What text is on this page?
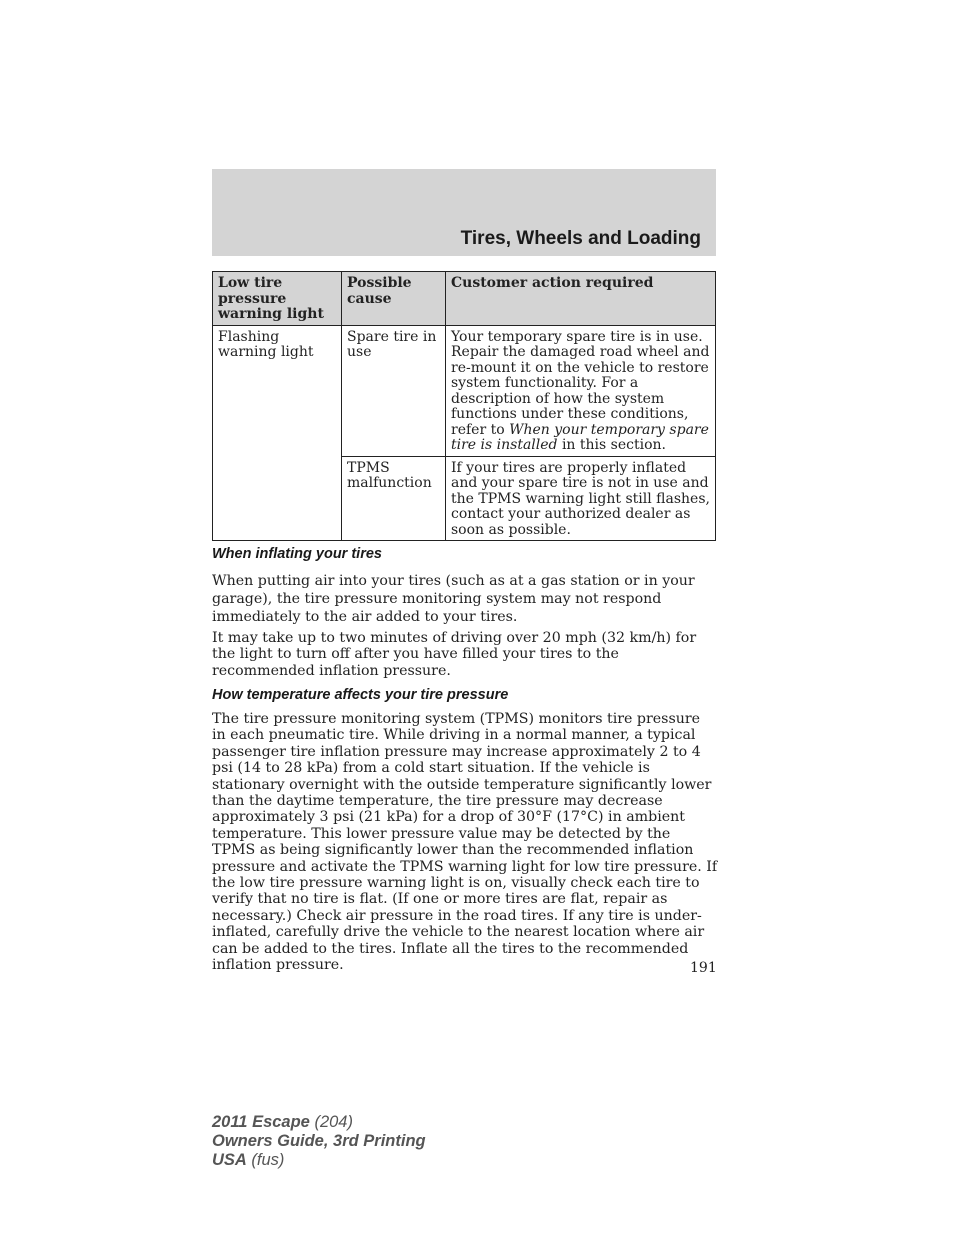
Tires, Wheels and Loading
Low tire pressure warning light	Possible cause	Customer action required
Flashing warning light	Spare tire in use	Your temporary spare tire is in use. Repair the damaged road wheel and re-mount it on the vehicle to restore system functionality. For a description of how the system functions under these conditions, refer to When your temporary spare tire is installed in this section.
	TPMS malfunction	If your tires are properly inflated and your spare tire is not in use and the TPMS warning light still flashes, contact your authorized dealer as soon as possible.
When inflating your tires

When putting air into your tires (such as at a gas station or in your garage), the tire pressure monitoring system may not respond immediately to the air added to your tires.

It may take up to two minutes of driving over 20 mph (32 km/h) for the light to turn off after you have filled your tires to the recommended inflation pressure.

How temperature affects your tire pressure

The tire pressure monitoring system (TPMS) monitors tire pressure in each pneumatic tire. While driving in a normal manner, a typical passenger tire inflation pressure may increase approximately 2 to 4 psi (14 to 28 kPa) from a cold start situation. If the vehicle is stationary overnight with the outside temperature significantly lower than the daytime temperature, the tire pressure may decrease approximately 3 psi (21 kPa) for a drop of 30°F (17°C) in ambient temperature. This lower pressure value may be detected by the TPMS as being significantly lower than the recommended inflation pressure and activate the TPMS warning light for low tire pressure. If the low tire pressure warning light is on, visually check each tire to verify that no tire is flat. (If one or more tires are flat, repair as necessary.) Check air pressure in the road tires. If any tire is under-inflated, carefully drive the vehicle to the nearest location where air can be added to the tires. Inflate all the tires to the recommended inflation pressure.	191
2011 Escape (204)
Owners Guide, 3rd Printing
USA (fus)
